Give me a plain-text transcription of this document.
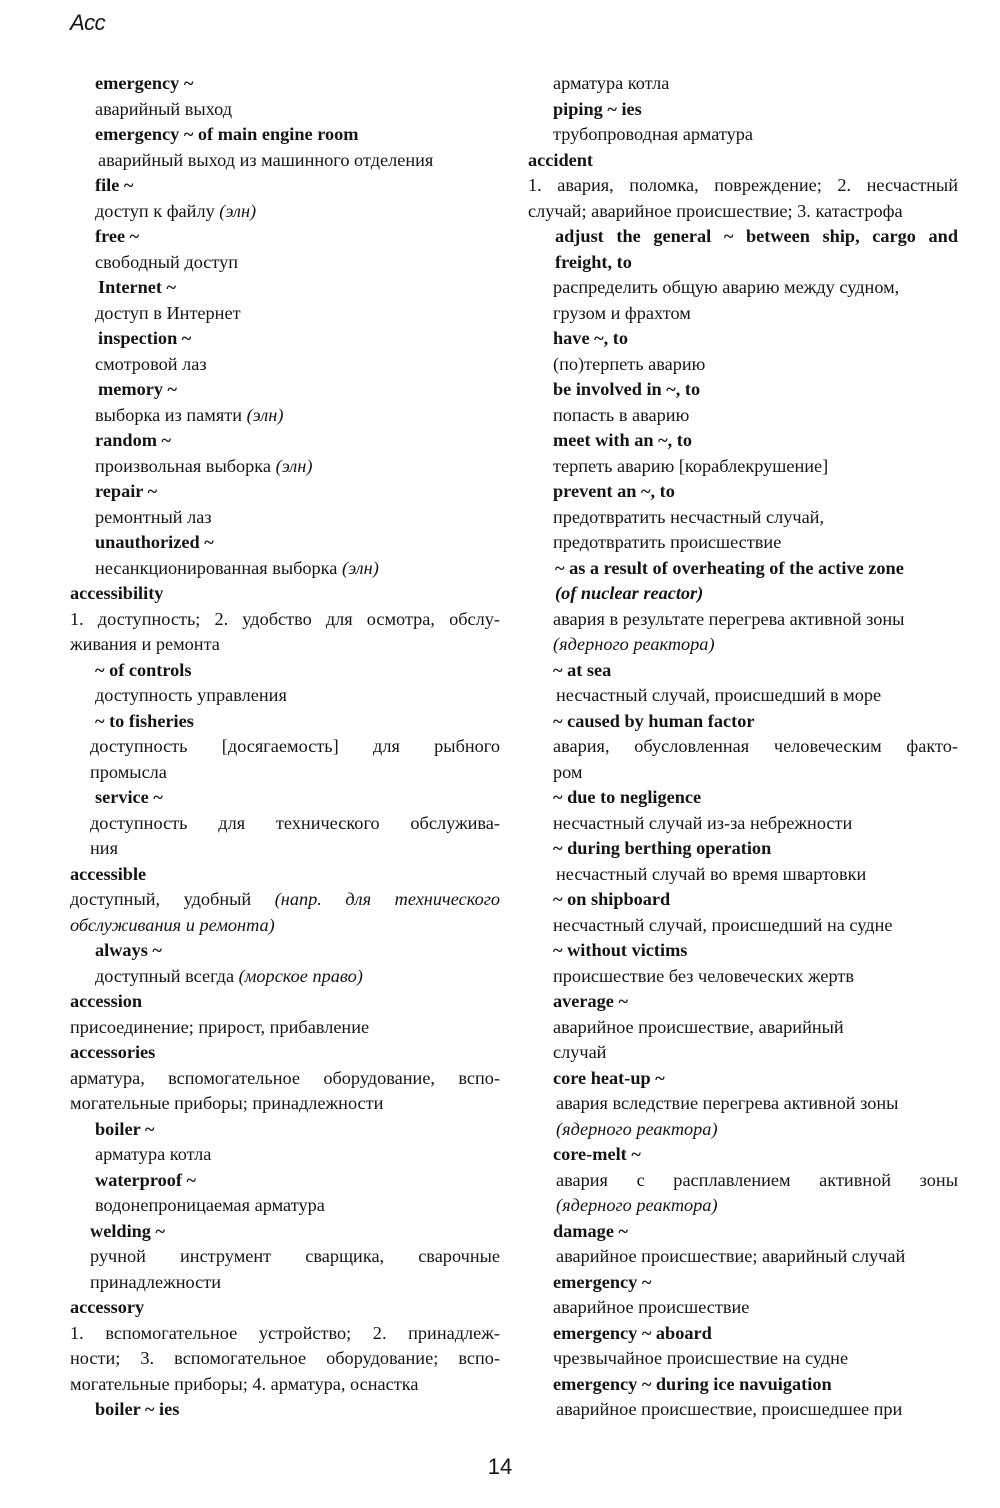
Acc
emergency ~
аварийный выход
emergency ~ of main engine room
аварийный выход из машинного отделения
file ~
доступ к файлу (элн)
free ~
свободный доступ
Internet ~
доступ в Интернет
inspection ~
смотровой лаз
memory ~
выборка из памяти (элн)
random ~
произвольная выборка (элн)
repair ~
ремонтный лаз
unauthorized ~
несанкционированная выборка (элн)
accessibility
1. доступность; 2. удобство для осмотра, обслу-
живания и ремонта
~ of controls
доступность управления
~ to fisheries
доступность [досягаемость] для рыбного
промысла
service ~
доступность для технического обслужива-
ния
accessible
доступный, удобный (напр. для технического
обслуживания и ремонта)
always ~
доступный всегда (морское право)
accession
присоединение; прирост, прибавление
accessories
арматура, вспомогательное оборудование, вспо-
могательные приборы; принадлежности
boiler ~
арматура котла
waterproof ~
водонепроницаемая арматура
welding ~
ручной инструмент сварщика, сварочные
принадлежности
accessory
1. вспомогательное устройство; 2. принадлеж-
ности; 3. вспомогательное оборудование; вспо-
могательные приборы; 4. арматура, оснастка
boiler ~ ies
арматура котла
piping ~ ies
трубопроводная арматура
accident
1. авария, поломка, повреждение; 2. несчастный
случай; аварийное происшествие; 3. катастрофа
adjust the general ~ between ship, cargo and
freight, to
распределить общую аварию между судном,
грузом и фрахтом
have ~, to
(по)терпеть аварию
be involved in ~, to
попасть в аварию
meet with an ~, to
терпеть аварию [кораблекрушение]
prevent an ~, to
предотвратить несчастный случай,
предотвратить происшествие
~ as a result of overheating of the active zone
(of nuclear reactor)
авария в результате перегрева активной зоны
(ядерного реактора)
~ at sea
несчастный случай, происшедший в море
~ caused by human factor
авария, обусловленная человеческим факто-
ром
~ due to negligence
несчастный случай из-за небрежности
~ during berthing operation
несчастный случай во время швартовки
~ on shipboard
несчастный случай, происшедший на судне
~ without victims
происшествие без человеческих жертв
average ~
аварийное происшествие, аварийный
случай
core heat-up ~
авария вследствие перегрева активной зоны
(ядерного реактора)
core-melt ~
авария с расплавлением активной зоны
(ядерного реактора)
damage ~
аварийное происшествие; аварийный случай
emergency ~
аварийное происшествие
emergency ~ aboard
чрезвычайное происшествие на судне
emergency ~ during ice navuigation
аварийное происшествие, происшедшее при
14
